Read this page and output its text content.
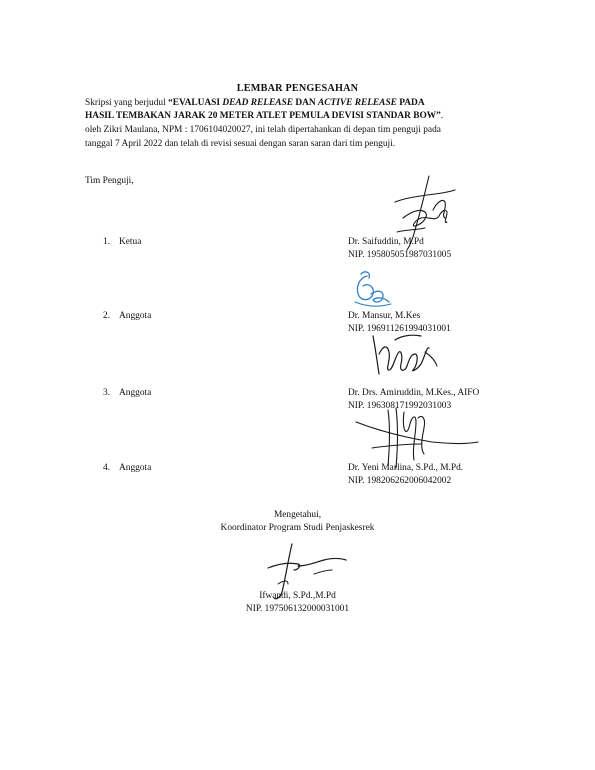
LEMBAR PENGESAHAN
Skripsi yang berjudul “EVALUASI DEAD RELEASE DAN ACTIVE RELEASE PADA
HASIL TEMBAKAN JARAK 20 METER ATLET PEMULA DEVISI STANDAR BOW”.
oleh Zikri Maulana, NPM : 1706104020027, ini telah dipertahankan di depan tim penguji pada
tanggal 7 April 2022 dan telah di revisi sesuai dengan saran saran dari tim penguji.
Tim Penguji,
1. Ketua	Dr. Saifuddin, M.Pd
NIP. 195805051987031005
2. Anggota	Dr. Mansur, M.Kes
NIP. 196911261994031001
3. Anggota	Dr. Drs. Amiruddin, M.Kes., AIFO
NIP. 196308171992031003
4. Anggota	Dr. Yeni Marlina, S.Pd., M.Pd.
NIP. 198206262006042002
Mengetahui,
Koordinator Program Studi Penjaskesrek
Ifwandi, S.Pd.,M.Pd
NIP. 197506132000031001
